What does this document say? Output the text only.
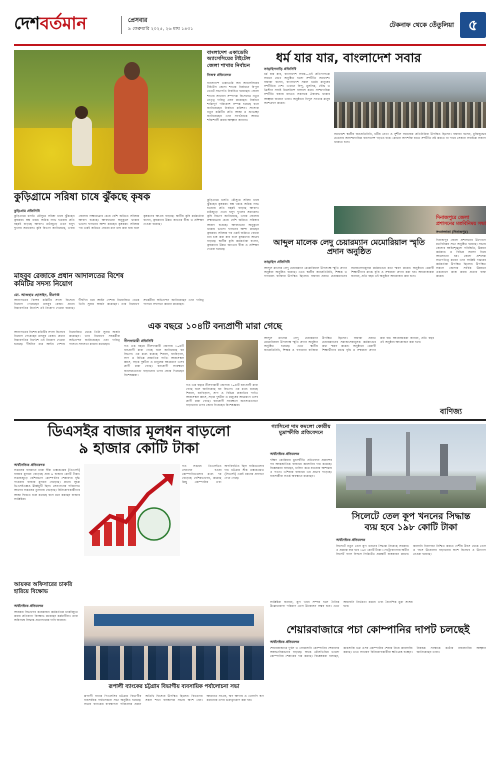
দেশবর্তমান	প্রেসবার
৯ ফেব্রুয়ারি ২০২৫, ২৬ মাঘ ১৪৩১
টেকনাফ থেকে তেঁতুলিয়া ৫
বাংলাদেশ একাডেমি অ্যাসেসিয়ের টাইটেল জেলা শাখার নির্বাচন
নিজস্ব প্রতিবেদক
বাংলাদেশ একাডেমি অব অ্যাসেসিয়ের টাইটেল জেলা শাখার নির্বাচনে বিপুল ভোটে সভাপতি নির্বাচিত হয়েছেন। জেলা শাখার সাধারণ সম্পাদক হিসেবেও নতুন নেতৃত্ব দায়িত্ব গ্রহণ করেছেন। নির্বাচন শান্তিপূর্ণ পরিবেশে সম্পন্ন হয়েছে বলে জানিয়েছেন নির্বাচন কমিশন। সদস্যরা নতুন কমিটির প্রতি আস্থা ও শুভেচ্ছা জানিয়েছেন এবং সংগঠনকে আরও শক্তিশালী করার আহ্বান জানান।
ধর্ম যার যার, বাংলাদেশ সবার
তাড়াইলবাড়ি প্রতিনিধি
ধর্ম যার যার, বাংলাদেশ সবার—এই প্রতিপাদ্যকে সামনে রেখে অনুষ্ঠিত হলো সম্প্রীতি সমাবেশ। বক্তারা বলেন, বাংলাদেশ সকল ধর্মের মানুষের সম্প্রীতির দেশ। এখানে হিন্দু, মুসলিম, বৌদ্ধ ও খ্রিস্টান সবাই মিলেমিশে বসবাস করে। সাম্প্রদায়িক সম্প্রীতি বজায় রাখতে সকলকে ঐক্যবদ্ধ থাকার আহ্বান জানান তারা। অনুষ্ঠানে বিপুল সংখ্যক মানুষ অংশগ্রহণ করেন।
সমাবেশে স্থানীয় জনপ্রতিনিধি, ধর্মীয় নেতা ও সুশীল সমাজের প্রতিনিধিরা উপস্থিত ছিলেন। বক্তারা বলেন, মুক্তিযুদ্ধের চেতনায় অসাম্প্রদায়িক বাংলাদেশ গড়তে হবে। কোনো অপশক্তি যাতে সম্প্রীতি নষ্ট করতে না পারে সেজন্য সবাইকে সজাগ থাকতে হবে।
কুড়িগ্রামে সরিষা চাষে ঝুঁকছে কৃষক
কুড়িগ্রাম প্রতিনিধি
কুড়িগ্রামে চলতি মৌসুমে সরিষা চাষে ঝুঁকছেন কৃষকরা। স্বল্প খরচে অধিক লাভ হওয়ায় প্রতি বছরই বাড়ছে আবাদ। মাঠজুড়ে এখন হলুদ ফুলের সমারোহ। কৃষি বিভাগ জানিয়েছে, এবার জেলায় লক্ষ্যমাত্রার চেয়ে বেশি জমিতে সরিষার আবাদ হয়েছে। আবহাওয়া অনুকূলে থাকায় ভালো ফলনের আশা করছেন কৃষকরা। সরিষার পর একই জমিতে বোরো ধান চাষ করা যায় বলে কৃষকদের আগ্রহ বাড়ছে। স্থানীয় কৃষি কর্মকর্তারা বলেন, কৃষকদের উন্নত জাতের বীজ ও প্রশিক্ষণ দেওয়া হয়েছে।
কুড়িগ্রামে চলতি মৌসুমে সরিষা চাষে ঝুঁকছেন কৃষকরা। স্বল্প খরচে অধিক লাভ হওয়ায় প্রতি বছরই বাড়ছে আবাদ। মাঠজুড়ে এখন হলুদ ফুলের সমারোহ। কৃষি বিভাগ জানিয়েছে, এবার জেলায় লক্ষ্যমাত্রার চেয়ে বেশি জমিতে সরিষার আবাদ হয়েছে। আবহাওয়া অনুকূলে থাকায় ভালো ফলনের আশা করছেন কৃষকরা। সরিষার পর একই জমিতে বোরো ধান চাষ করা যায় বলে কৃষকদের আগ্রহ বাড়ছে। স্থানীয় কৃষি কর্মকর্তারা বলেন, কৃষকদের উন্নত জাতের বীজ ও প্রশিক্ষণ দেওয়া হয়েছে।
আব্দুল মালেক লেদু চেয়ারম্যান মেমোরিয়াল স্মৃতি প্রদান অনুষ্ঠিত
তাড়াইল প্রতিনিধি
আব্দুল মালেক লেদু চেয়ারম্যান মেমোরিয়াল উপলক্ষে স্মৃতি প্রদান অনুষ্ঠান অনুষ্ঠিত হয়েছে। এতে স্থানীয় জনপ্রতিনিধি, শিক্ষক ও গণ্যমান্য ব্যক্তিরা উপস্থিত ছিলেন। বক্তারা প্রয়াত চেয়ারম্যানের সমাজসেবামূলক কর্মকাণ্ডের কথা স্মরণ করেন। অনুষ্ঠানে মেধাবী শিক্ষার্থীদের মাঝে বৃত্তি ও সম্মাননা প্রদান করা হয়। আয়োজকরা জানান, প্রতি বছর এই অনুষ্ঠান আয়োজন করা হবে।
দিনাজপুরে জেলা প্রশাসনের মতবিনিময় সভা
সংবাদদাতা (দিনাজপুর)
দিনাজপুর জেলা প্রশাসনের উদ্যোগে মতবিনিময় সভা অনুষ্ঠিত হয়েছে। সভায় জেলার আইনশৃঙ্খলা পরিস্থিতি, উন্নয়ন কর্মকাণ্ড ও বিভিন্ন সমস্যা নিয়ে আলোচনা হয়। জেলা প্রশাসক সভাপতিত্ব করেন এবং সংশ্লিষ্ট দপ্তরের কর্মকর্তারা উপস্থিত ছিলেন। উপস্থিত সকলে জেলার সার্বিক উন্নয়নে একযোগে কাজ করার প্রত্যয় ব্যক্ত করেন।
মাহবুব রেজাকে প্রধান আদালতের বিশেষ কমিটির সদস্য নিয়োগ
মো. আজহার হোসাইন, বীরগঞ্জ
আদালতের বিশেষ কমিটির সদস্য হিসেবে নিয়োগ পেয়েছেন মাহবুব রেজা। প্রধান বিচারপতির নির্দেশে এই নিয়োগ দেওয়া হয়েছে। দীর্ঘদিন ধরে আইন পেশায় নিয়োজিত থেকে তিনি সুনাম অর্জন করেছেন। তার নিয়োগে সহকর্মীরা অভিনন্দন জানিয়েছেন এবং দায়িত্ব পালনে সফলতা কামনা করেছেন।
এক বছরে ১০৪টি বন্যপ্রাণী মারা গেছে
নীলফামারী প্রতিনিধি
গত এক বছরে নীলফামারী জেলায় ১০৪টি বন্যপ্রাণী মারা গেছে বলে জানিয়েছে বন বিভাগ। এর মধ্যে রয়েছে শিয়াল, বনবিড়াল, সাপ ও বিভিন্ন প্রজাতির পাখি। আবাসস্থল ধ্বংস, সড়ক দুর্ঘটনা ও মানুষের আক্রমণে এসব প্রাণী মারা গেছে। বন্যপ্রাণী সংরক্ষণে জনসচেতনতা বাড়ানোর ওপর জোর দিয়েছেন বিশেষজ্ঞরা।
গত এক বছরে নীলফামারী জেলায় ১০৪টি বন্যপ্রাণী মারা গেছে বলে জানিয়েছে বন বিভাগ। এর মধ্যে রয়েছে শিয়াল, বনবিড়াল, সাপ ও বিভিন্ন প্রজাতির পাখি। আবাসস্থল ধ্বংস, সড়ক দুর্ঘটনা ও মানুষের আক্রমণে এসব প্রাণী মারা গেছে। বন্যপ্রাণী সংরক্ষণে জনসচেতনতা বাড়ানোর ওপর জোর দিয়েছেন বিশেষজ্ঞরা।
আদালতের বিশেষ কমিটির সদস্য হিসেবে নিয়োগ পেয়েছেন মাহবুব রেজা। প্রধান বিচারপতির নির্দেশে এই নিয়োগ দেওয়া হয়েছে। দীর্ঘদিন ধরে আইন পেশায় নিয়োজিত থেকে তিনি সুনাম অর্জন করেছেন। তার নিয়োগে সহকর্মীরা অভিনন্দন জানিয়েছেন এবং দায়িত্ব পালনে সফলতা কামনা করেছেন।
আব্দুল মালেক লেদু চেয়ারম্যান মেমোরিয়াল উপলক্ষে স্মৃতি প্রদান অনুষ্ঠান অনুষ্ঠিত হয়েছে। এতে স্থানীয় জনপ্রতিনিধি, শিক্ষক ও গণ্যমান্য ব্যক্তিরা উপস্থিত ছিলেন। বক্তারা প্রয়াত চেয়ারম্যানের সমাজসেবামূলক কর্মকাণ্ডের কথা স্মরণ করেন। অনুষ্ঠানে মেধাবী শিক্ষার্থীদের মাঝে বৃত্তি ও সম্মাননা প্রদান করা হয়। আয়োজকরা জানান, প্রতি বছর এই অনুষ্ঠান আয়োজন করা হবে।
বাণিজ্য
ডিএসইর বাজার মূলধন বাড়লো
৯ হাজার কোটি টাকা
অর্থনৈতিক প্রতিবেদক
সপ্তাহের ব্যবধানে ঢাকা স্টক এক্সচেঞ্জের (ডিএসই) বাজার মূলধন বেড়েছে প্রায় ৯ হাজার কোটি টাকা। সপ্তাহজুড়ে বেশিরভাগ কোম্পানির শেয়ারদর বৃদ্ধি পাওয়ায় বাজার মূলধন বেড়েছে। প্রধান সূচক ডিএসইএক্সও ঊর্ধ্বমুখী ছিল। লেনদেনের পরিমাণও আগের সপ্তাহের তুলনায় বেড়েছে। বিনিয়োগকারীদের আস্থা ফিরতে শুরু করেছে বলে মনে করছেন বাজার সংশ্লিষ্টরা।
গত সপ্তাহে ডিএসইতে লেনদেন হওয়া কোম্পানিগুলোর মধ্যে দর বেড়েছে বেশিরভাগের, কমেছে কিছু কোম্পানির এবং অপরিবর্তিত ছিল বাকিগুলোর দর। চট্টগ্রাম স্টক এক্সচেঞ্জেও (সিএসই) একই ধরনের প্রবণতা দেখা গেছে।
আয়কর অফিসারের চাকরি হারিয়ে বিক্ষোভ
অর্থনৈতিক প্রতিবেদক
আয়কর বিভাগের কয়েকজন কর্মকর্তাকে চাকরিচ্যুত করার প্রতিবাদে বিক্ষোভ করেছেন কর্মচারীরা। তারা অবিলম্বে সিদ্ধান্ত প্রত্যাহারের দাবি জানান।
রূপালী ব্যাংকের চট্টগ্রাম বিভাগীয় ব্যবসায়িক পর্যালোচনা সভা
রূপালী ব্যাংক পিএলসির চট্টগ্রাম বিভাগীয় ব্যবসায়িক পর্যালোচনা সভা অনুষ্ঠিত হয়েছে। সভায় ব্যাংকের ব্যবস্থাপনা পরিচালক প্রধান অতিথি হিসেবে উপস্থিত ছিলেন। বিভাগের সকল শাখা ব্যবস্থাপক সভায় অংশ নেন। আমানত সংগ্রহ, ঋণ আদায় ও খেলাপি ঋণ কমানোর ওপর গুরুত্বারোপ করা হয়।
গ্যাসিনো দাম কমলো কোরীয় মুদ্রাস্ফীতি প্রতিবেদনে
অর্থনৈতিক প্রতিবেদক
দক্ষিণ কোরিয়ার মুদ্রাস্ফীতি প্রতিবেদন প্রকাশের পর আন্তর্জাতিক বাজারে জ্বালানির দাম কমেছে। বিশ্লেষকরা বলছেন, চাহিদা কমে যাওয়ার আশঙ্কায় এ পতন। এশিয়ার বাজারে এর প্রভাব পড়েছে। ব্যবসায়ীরা সতর্ক অবস্থানে রয়েছেন।
সিলেটে তেল কূপ খননের সিদ্ধান্ত
ব্যয় হবে ১৯৮ কোটি টাকা
অর্থনৈতিক প্রতিবেদক
সিলেটে নতুন তেল কূপ খননের সিদ্ধান্ত নিয়েছে সরকার। এ প্রকল্পে ব্যয় হবে ১৯৮ কোটি টাকা। পেট্রোবাংলার অধীন সিলেট গ্যাস ফিল্ডস লিমিটেড প্রকল্পটি বাস্তবায়ন করবে। জ্বালানি নিরাপত্তা নিশ্চিত করতে দেশীয় উৎস থেকে তেল ও গ্যাস উত্তোলন বাড়ানোর অংশ হিসেবে এ উদ্যোগ নেওয়া হয়েছে।
সংশ্লিষ্টরা জানান, কূপ খনন সম্পন্ন হলে দৈনিক উল্লেখযোগ্য পরিমাণ তেল উত্তোলন সম্ভব হবে। এতে আমদানি নির্ভরতা কমবে এবং বৈদেশিক মুদ্রা সাশ্রয় হবে।
শেয়ারবাজারে পচা কোম্পানির দাপট চলছেই
অর্থনৈতিক প্রতিবেদক
শেয়ারবাজারে দুর্বল ও লোকসানি কোম্পানির শেয়ারদর অস্বাভাবিকভাবে বাড়ছে। অথচ মৌলভিত্তির ভালো কোম্পানির শেয়ারের দাম কমছে। বিশ্লেষকরা বলছেন, কারসাজি চক্র এসব কোম্পানির শেয়ার নিয়ে কারসাজি করছে। এতে সাধারণ বিনিয়োগকারীরা ক্ষতিগ্রস্ত হচ্ছেন। নিয়ন্ত্রক সংস্থাকে কঠোর নজরদারির আহ্বান জানিয়েছেন তারা।
